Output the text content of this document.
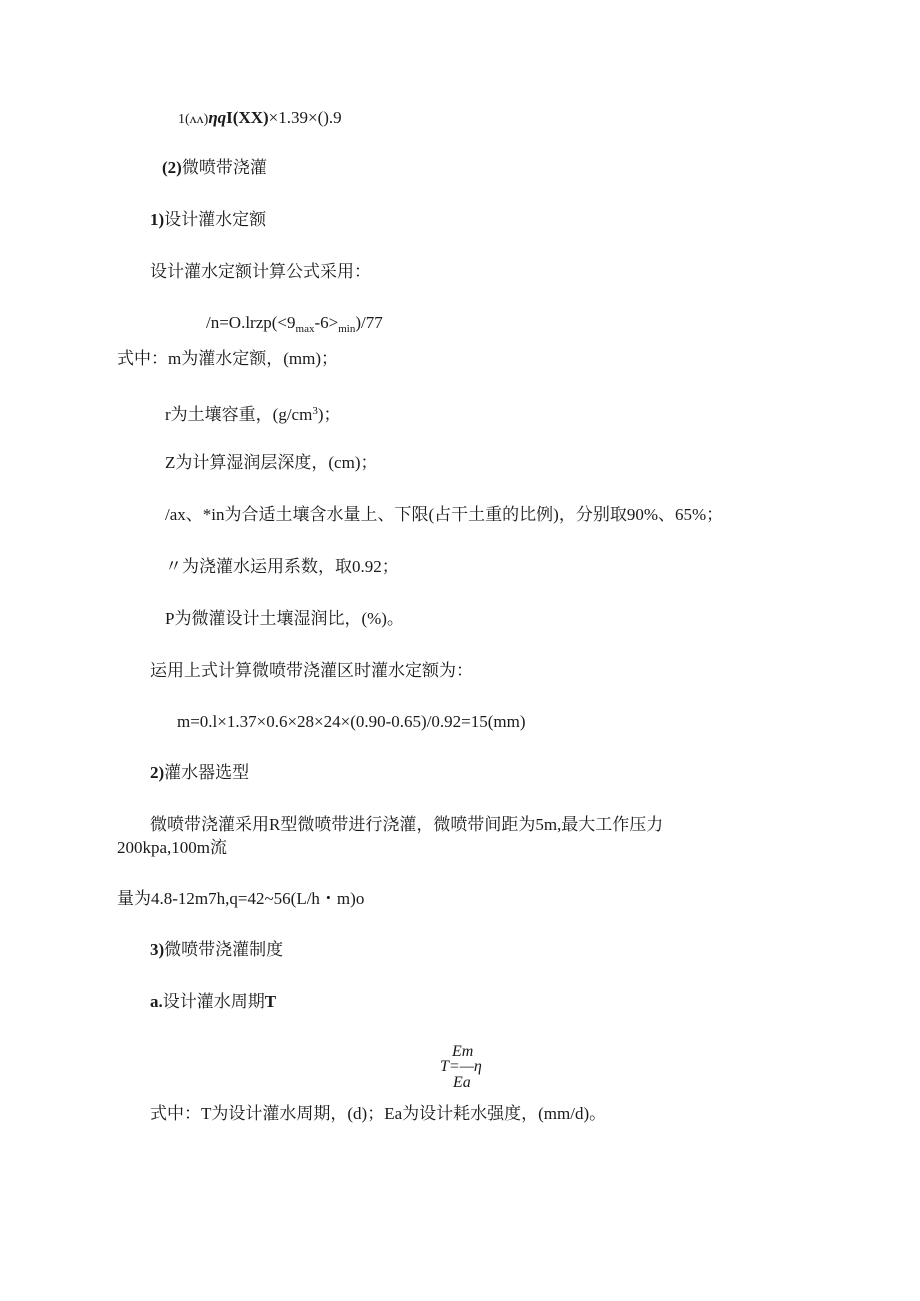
1(ʌʌ)ηqI(XX)×1.39×().9
(2)微喷带浇灌
1)设计灌水定额
设计灌水定额计算公式采用：
$/n=O.lrzp(<9_{max}-6>_{min})/77$
式中：m为灌水定额，(mm)；
r为土壤容重，$(g/cm^3)$；
Z为计算湿润层深度，(cm)；
/ax、*in为合适土壤含水量上、下限(占干土重的比例)，分别取90%、65%；
〃为浇灌水运用系数，取0.92；
P为微灌设计土壤湿润比，(%)。
运用上式计算微喷带浇灌区时灌水定额为：
m=0.l×1.37×0.6×28×24×(0.90-0.65)/0.92=15(mm)
2)灌水器选型
微喷带浇灌采用R型微喷带进行浇灌，微喷带间距为5m,最大工作压力
200kpa,100m流
量为4.8-12m7h,q=42~56(L/h・m)o
3)微喷带浇灌制度
a.设计灌水周期T
Em
T=—η
Ea
式中：T为设计灌水周期，(d)；Ea为设计耗水强度，(mm/d)。
